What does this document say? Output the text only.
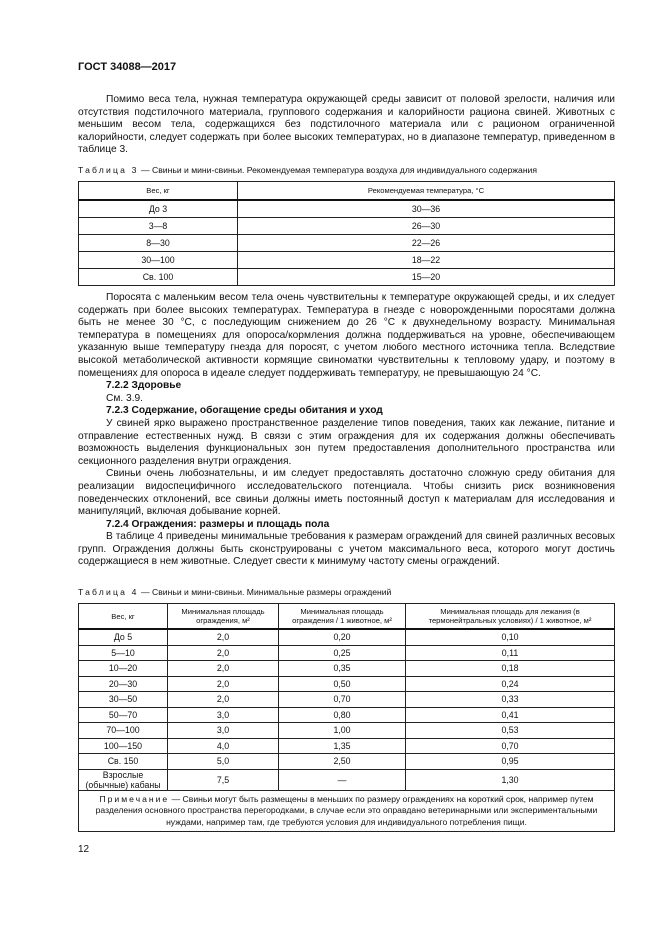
ГОСТ 34088—2017

Помимо веса тела, нужная температура окружающей среды зависит от половой зрелости, наличия или отсутствия подстилочного материала, группового содержания и калорийности рациона свиней. Животных с меньшим весом тела, содержащихся без подстилочного материала или с рационом ограниченной калорийности, следует содержать при более высоких температурах, но в диапазоне температур, приведенном в таблице 3.

Таблица 3 — Свиньи и мини-свиньи. Рекомендуемая температура воздуха для индивидуального содержания
Вес, кг	Рекомендуемая температура, °С
До 3	30—36
3—8	26—30
8—30	22—26
30—100	18—22
Св. 100	15—20

Поросята с маленьким весом тела очень чувствительны к температуре окружающей среды, и их следует содержать при более высоких температурах. Температура в гнезде с новорожденными поросятами должна быть не менее 30 °С, с последующим снижением до 26 °С к двухнедельному возрасту. Минимальная температура в помещениях для опороса/кормления должна поддерживаться на уровне, обеспечивающем указанную выше температуру гнезда для поросят, с учетом любого местного источника тепла. Вследствие высокой метаболической активности кормящие свиноматки чувствительны к тепловому удару, и поэтому в помещениях для опороса в идеале следует поддерживать температуру, не превышающую 24 °С.

7.2.2 Здоровье

См. 3.9.

7.2.3 Содержание, обогащение среды обитания и уход

У свиней ярко выражено пространственное разделение типов поведения, таких как лежание, питание и отправление естественных нужд. В связи с этим ограждения для их содержания должны обеспечивать возможность выделения функциональных зон путем предоставления дополнительного пространства или секционного разделения внутри ограждения.

Свиньи очень любознательны, и им следует предоставлять достаточно сложную среду обитания для реализации видоспецифичного исследовательского потенциала. Чтобы снизить риск возникновения поведенческих отклонений, все свиньи должны иметь постоянный доступ к материалам для исследования и манипуляций, включая добывание корней.

7.2.4 Ограждения: размеры и площадь пола

В таблице 4 приведены минимальные требования к размерам ограждений для свиней различных весовых групп. Ограждения должны быть сконструированы с учетом максимального веса, которого могут достичь содержащиеся в нем животные. Следует свести к минимуму частоту смены ограждений.

Таблица 4 — Свиньи и мини-свиньи. Минимальные размеры ограждений
Вес, кг	Минимальная площадь ограждения, м²	Минимальная площадь ограждения / 1 животное, м²	Минимальная площадь для лежания (в термонейтральных условиях) / 1 животное, м²
До 5	2,0	0,20	0,10
5—10	2,0	0,25	0,11
10—20	2,0	0,35	0,18
20—30	2,0	0,50	0,24
30—50	2,0	0,70	0,33
50—70	3,0	0,80	0,41
70—100	3,0	1,00	0,53
100—150	4,0	1,35	0,70
Св. 150	5,0	2,50	0,95
Взрослые (обычные) кабаны	7,5	—	1,30
Примечание — Свиньи могут быть размещены в меньших по размеру ограждениях на короткий срок, например путем разделения основного пространства перегородками, в случае если это оправдано ветеринарными или экспериментальными нуждами, например там, где требуются условия для индивидуального потребления пищи.			
12
